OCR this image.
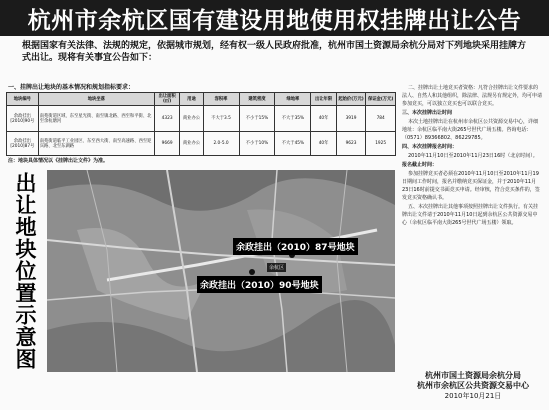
杭州市余杭区国有建设用地使用权挂牌出让公告
根据国家有关法律、法规的规定，依据城市规划，经有权一级人民政府批准，杭州市国土资源局余杭分局对下列地块采用挂牌方式出让。现将有关事宜公告如下：
一、挂牌出让地块的基本情况和规划指标要求：
地块编号	地块坐落	出让面积(㎡)	用途	容积率	建筑密度	绿地率	出让年限	起始价(万元)	保证金(万元)
余政挂出[2010]90号	南苑街道区域、东至星光街、南至镇北路、西至和平街、北至余杭塘河	4323	商业办公	不大于3.5	不小于15%	不大于35%	40年	3919	784
余政挂出[2010]87号	南苑街道临平工业园区、东至西大街、南至高速路、西至迎宾路、北至东湖路	9669	商业办公	2.0-5.0	不小于10%	不大于45%	40年	9623	1925
注：地块具体情况以《挂牌出让文件》为准。
出让地块位置示意图	余政挂出（2010）87号地块
余政挂出（2010）90号地块
余杭区

二、挂牌出让土地竞买者资格：凡符合挂牌出让文件要求的法人、自然人和其他组织，除法律、法规另有规定外，均可申请参加竞买，可以独立竞买也可以联合竞买。

三、本次挂牌出让时间

本次土地挂牌出让在杭州市余杭区公共资源交易中心，详细地址：余杭区临平南大街265号世代广场五楼。咨询电话：（0571）89366802、86229785。

四、本次挂牌报名时间：

2010年11月10日至2010年11月23日16时（北京时间）。

报名截止时间：

参加挂牌竞买者必须在2010年11月10日至2010年11月19日期间工作时间，报名并缴纳竞买保证金，并于2010年11月23日16时前提交书面竞买申请。经审核，符合竞买条件的，签发竞买资格确认书。

五、本次挂牌出让其他事项按照挂牌出让文件执行。有关挂牌出让文件请于2010年11月10日起到余杭区公共资源交易中心（余杭区临平南大街265号世代广场五楼）领取。

杭州市国土资源局余杭分局
杭州市余杭区公共资源交易中心
2010年10月21日
